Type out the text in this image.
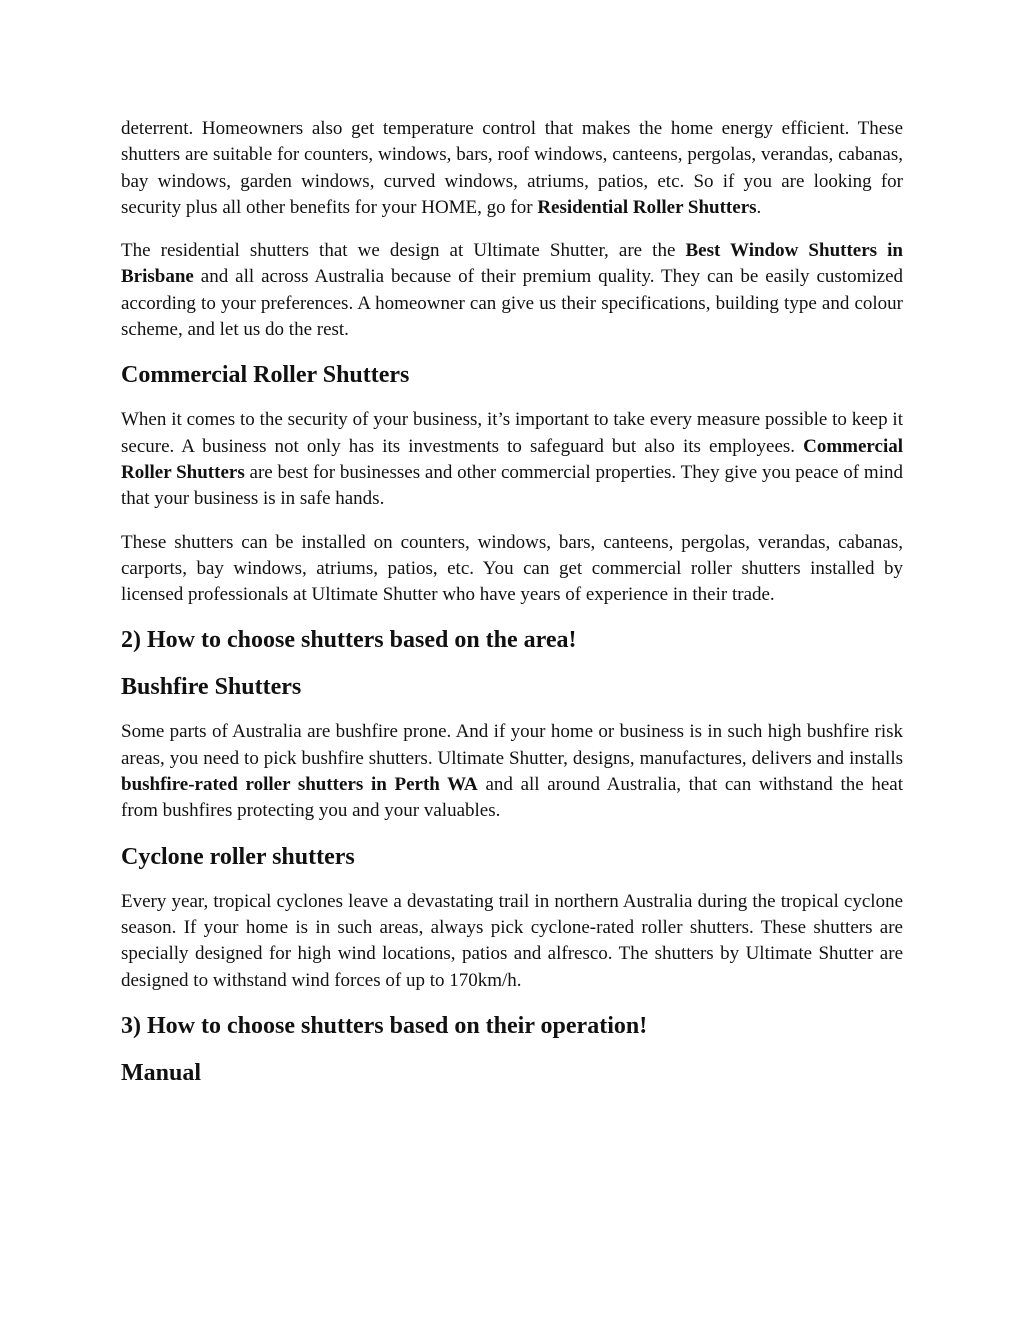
deterrent. Homeowners also get temperature control that makes the home energy efficient. These shutters are suitable for counters, windows, bars, roof windows, canteens, pergolas, verandas, cabanas, bay windows, garden windows, curved windows, atriums, patios, etc. So if you are looking for security plus all other benefits for your HOME, go for Residential Roller Shutters.

The residential shutters that we design at Ultimate Shutter, are the Best Window Shutters in Brisbane and all across Australia because of their premium quality. They can be easily customized according to your preferences. A homeowner can give us their specifications, building type and colour scheme, and let us do the rest.

Commercial Roller Shutters

When it comes to the security of your business, it’s important to take every measure possible to keep it secure. A business not only has its investments to safeguard but also its employees. Commercial Roller Shutters are best for businesses and other commercial properties. They give you peace of mind that your business is in safe hands.

These shutters can be installed on counters, windows, bars, canteens, pergolas, verandas, cabanas, carports, bay windows, atriums, patios, etc. You can get commercial roller shutters installed by licensed professionals at Ultimate Shutter who have years of experience in their trade.

2) How to choose shutters based on the area!
Bushfire Shutters

Some parts of Australia are bushfire prone. And if your home or business is in such high bushfire risk areas, you need to pick bushfire shutters. Ultimate Shutter, designs, manufactures, delivers and installs bushfire-rated roller shutters in Perth WA and all around Australia, that can withstand the heat from bushfires protecting you and your valuables.

Cyclone roller shutters

Every year, tropical cyclones leave a devastating trail in northern Australia during the tropical cyclone season. If your home is in such areas, always pick cyclone-rated roller shutters. These shutters are specially designed for high wind locations, patios and alfresco. The shutters by Ultimate Shutter are designed to withstand wind forces of up to 170km/h.

3) How to choose shutters based on their operation!
Manual
